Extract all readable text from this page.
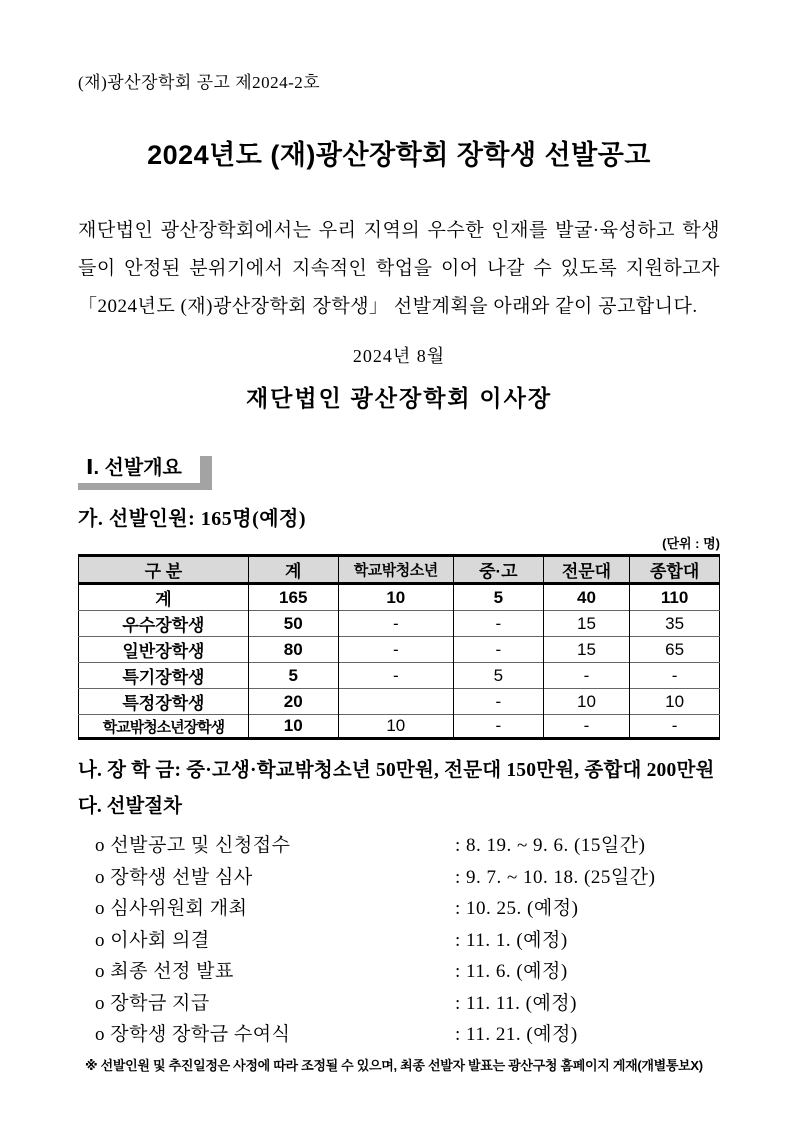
(재)광산장학회 공고 제2024-2호
2024년도 (재)광산장학회 장학생 선발공고

재단법인 광산장학회에서는 우리 지역의 우수한 인재를 발굴·육성하고 학생들이 안정된 분위기에서 지속적인 학업을 이어 나갈 수 있도록 지원하고자 「2024년도 (재)광산장학회 장학생」 선발계획을 아래와 같이 공고합니다.

2024년 8월
재단법인 광산장학회 이사장
Ⅰ. 선발개요
가. 선발인원: 165명(예정)
(단위 : 명)
구 분	계	학교밖청소년	중·고	전문대	종합대
계	165	10	5	40	110
우수장학생	50	-	-	15	35
일반장학생	80	-	-	15	65
특기장학생	5	-	5	-	-
특정장학생	20		-	10	10
학교밖청소년장학생	10	10	-	-	-
나. 장 학 금: 중·고생·학교밖청소년 50만원, 전문대 150만원, 종합대 200만원
다. 선발절차
o 선발공고 및 신청접수	: 8. 19. ~ 9. 6. (15일간)
o 장학생 선발 심사	: 9. 7. ~ 10. 18. (25일간)
o 심사위원회 개최	: 10. 25. (예정)
o 이사회 의결	: 11. 1. (예정)
o 최종 선정 발표	: 11. 6. (예정)
o 장학금 지급	: 11. 11. (예정)
o 장학생 장학금 수여식	: 11. 21. (예정)
※ 선발인원 및 추진일정은 사정에 따라 조정될 수 있으며, 최종 선발자 발표는 광산구청 홈페이지 게재(개별통보X)
